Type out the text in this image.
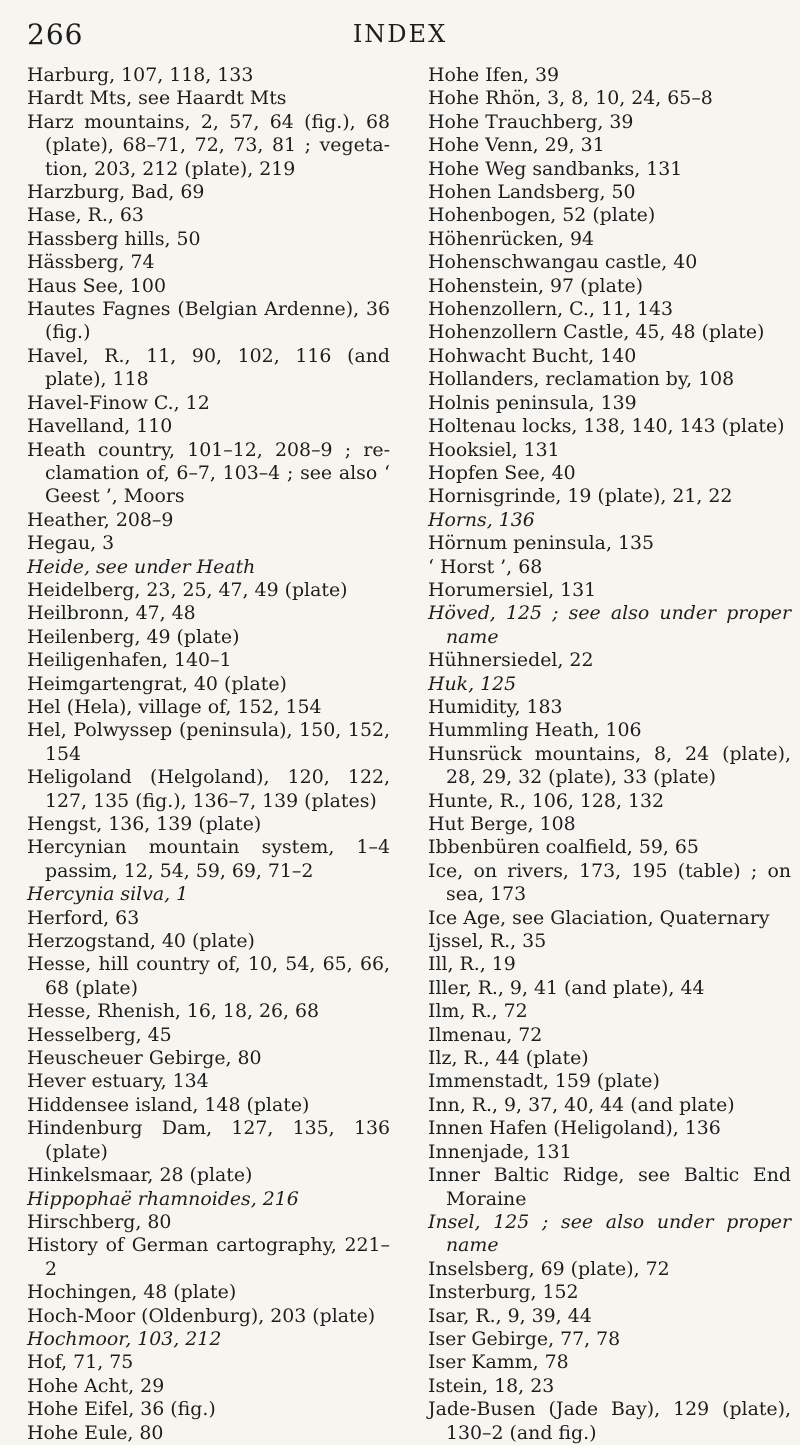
266	INDEX

Harburg, 107, 118, 133

Hardt Mts, see Haardt Mts

Harz mountains, 2, 57, 64 (fig.), 68 (plate), 68–71, 72, 73, 81 ; vegetation, 203, 212 (plate), 219

Harzburg, Bad, 69

Hase, R., 63

Hassberg hills, 50

Hässberg, 74

Haus See, 100

Hautes Fagnes (Belgian Ardenne), 36 (fig.)

Havel, R., 11, 90, 102, 116 (and plate), 118

Havel-Finow C., 12

Havelland, 110

Heath country, 101–12, 208–9 ; reclamation of, 6–7, 103–4 ; see also ‘ Geest ’, Moors

Heather, 208–9

Hegau, 3

Heide, see under Heath

Heidelberg, 23, 25, 47, 49 (plate)

Heilbronn, 47, 48

Heilenberg, 49 (plate)

Heiligenhafen, 140–1

Heimgartengrat, 40 (plate)

Hel (Hela), village of, 152, 154

Hel, Polwyssep (peninsula), 150, 152, 154

Heligoland (Helgoland), 120, 122, 127, 135 (fig.), 136–7, 139 (plates)

Hengst, 136, 139 (plate)

Hercynian mountain system, 1–4 passim, 12, 54, 59, 69, 71–2

Hercynia silva, 1

Herford, 63

Herzogstand, 40 (plate)

Hesse, hill country of, 10, 54, 65, 66, 68 (plate)

Hesse, Rhenish, 16, 18, 26, 68

Hesselberg, 45

Heuscheuer Gebirge, 80

Hever estuary, 134

Hiddensee island, 148 (plate)

Hindenburg Dam, 127, 135, 136 (plate)

Hinkelsmaar, 28 (plate)

Hippophaë rhamnoides, 216

Hirschberg, 80

History of German cartography, 221–2

Hochingen, 48 (plate)

Hoch-Moor (Oldenburg), 203 (plate)

Hochmoor, 103, 212

Hof, 71, 75

Hohe Acht, 29

Hohe Eifel, 36 (fig.)

Hohe Eule, 80

Hohe Ifen, 39

Hohe Rhön, 3, 8, 10, 24, 65–8

Hohe Trauchberg, 39

Hohe Venn, 29, 31

Hohe Weg sandbanks, 131

Hohen Landsberg, 50

Hohenbogen, 52 (plate)

Höhenrücken, 94

Hohenschwangau castle, 40

Hohenstein, 97 (plate)

Hohenzollern, C., 11, 143

Hohenzollern Castle, 45, 48 (plate)

Hohwacht Bucht, 140

Hollanders, reclamation by, 108

Holnis peninsula, 139

Holtenau locks, 138, 140, 143 (plate)

Hooksiel, 131

Hopfen See, 40

Hornisgrinde, 19 (plate), 21, 22

Horns, 136

Hörnum peninsula, 135

‘ Horst ’, 68

Horumersiel, 131

Höved, 125 ; see also under proper name

Hühnersiedel, 22

Huk, 125

Humidity, 183

Hummling Heath, 106

Hunsrück mountains, 8, 24 (plate), 28, 29, 32 (plate), 33 (plate)

Hunte, R., 106, 128, 132

Hut Berge, 108

Ibbenbüren coalfield, 59, 65

Ice, on rivers, 173, 195 (table) ; on sea, 173

Ice Age, see Glaciation, Quaternary

Ijssel, R., 35

Ill, R., 19

Iller, R., 9, 41 (and plate), 44

Ilm, R., 72

Ilmenau, 72

Ilz, R., 44 (plate)

Immenstadt, 159 (plate)

Inn, R., 9, 37, 40, 44 (and plate)

Innen Hafen (Heligoland), 136

Innenjade, 131

Inner Baltic Ridge, see Baltic End Moraine

Insel, 125 ; see also under proper name

Inselsberg, 69 (plate), 72

Insterburg, 152

Isar, R., 9, 39, 44

Iser Gebirge, 77, 78

Iser Kamm, 78

Istein, 18, 23

Jade-Busen (Jade Bay), 129 (plate), 130–2 (and fig.)
